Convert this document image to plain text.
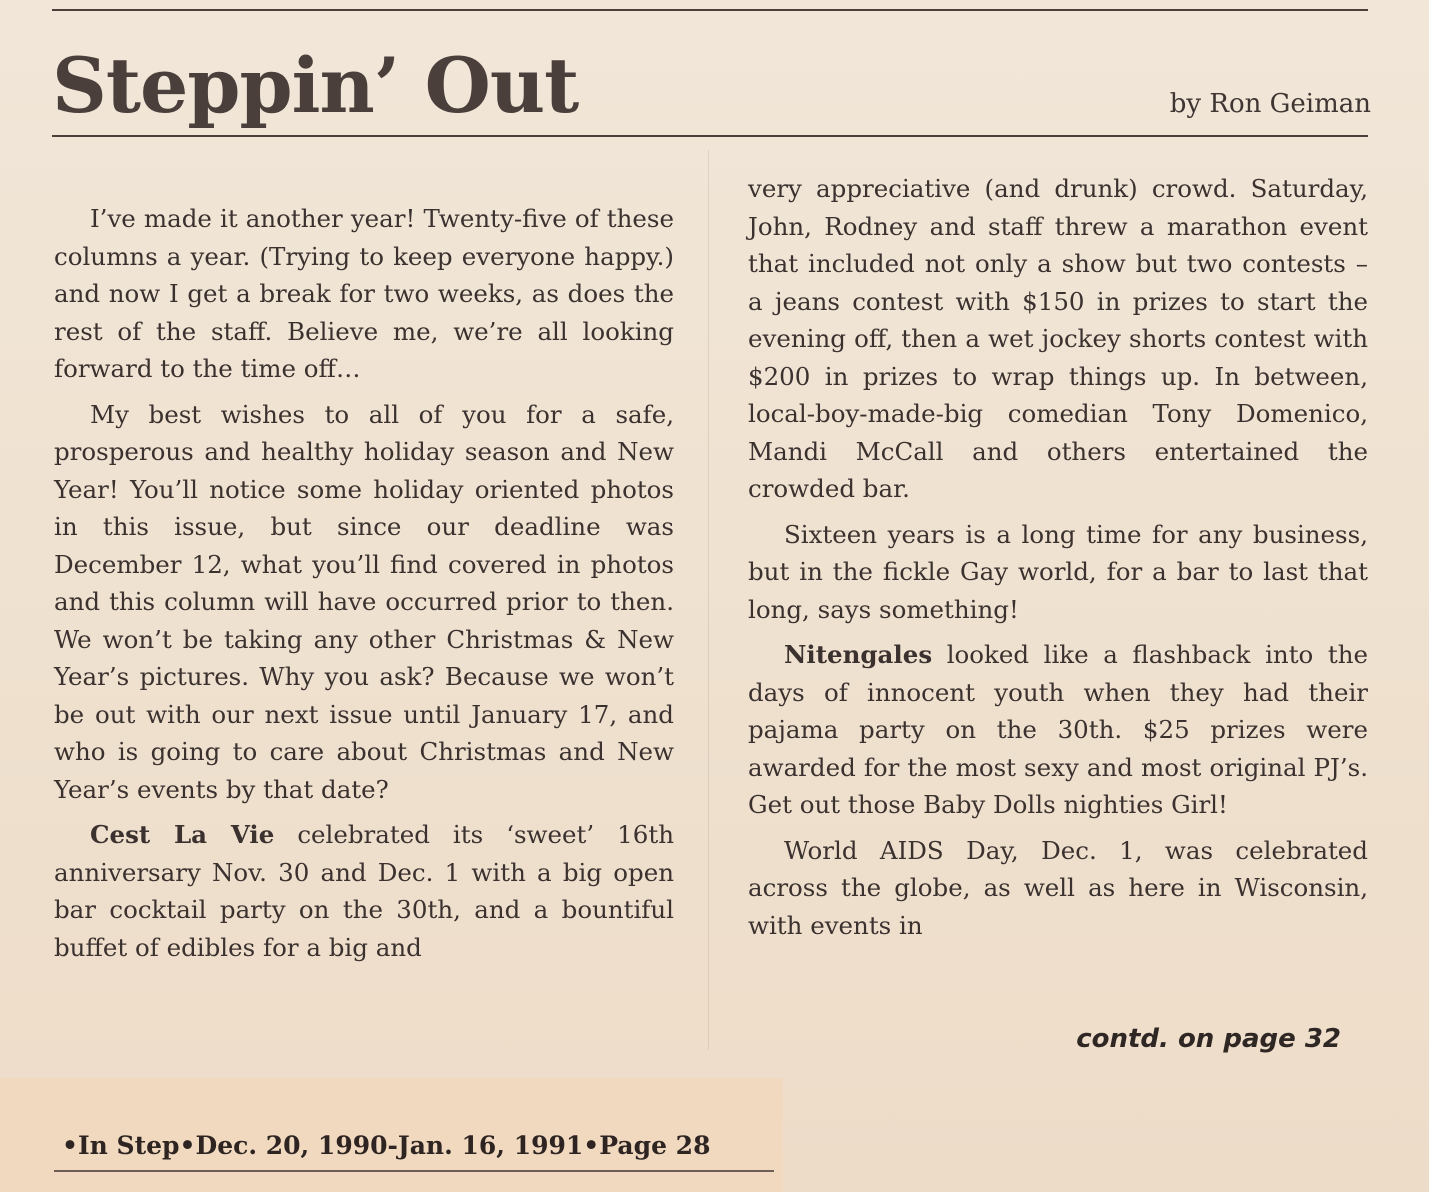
Steppin’ Out	by Ron Geiman

I’ve made it another year! Twenty-five of these columns a year. (Trying to keep everyone happy.) and now I get a break for two weeks, as does the rest of the staff. Believe me, we’re all looking forward to the time off…

My best wishes to all of you for a safe, prosperous and healthy holiday season and New Year! You’ll notice some holiday oriented photos in this issue, but since our deadline was December 12, what you’ll find covered in photos and this column will have occurred prior to then. We won’t be taking any other Christmas & New Year’s pictures. Why you ask? Because we won’t be out with our next issue until January 17, and who is going to care about Christmas and New Year’s events by that date?

Cest La Vie celebrated its ‘sweet’ 16th anniversary Nov. 30 and Dec. 1 with a big open bar cocktail party on the 30th, and a bountiful buffet of edibles for a big and

very appreciative (and drunk) crowd. Saturday, John, Rodney and staff threw a marathon event that included not only a show but two contests – a jeans contest with $150 in prizes to start the evening off, then a wet jockey shorts contest with $200 in prizes to wrap things up. In between, local-boy-made-big comedian Tony Domenico, Mandi McCall and others entertained the crowded bar.

Sixteen years is a long time for any business, but in the fickle Gay world, for a bar to last that long, says something!

Nitengales looked like a flashback into the days of innocent youth when they had their pajama party on the 30th. $25 prizes were awarded for the most sexy and most original PJ’s. Get out those Baby Dolls nighties Girl!

World AIDS Day, Dec. 1, was celebrated across the globe, as well as here in Wisconsin, with events in

contd. on page 32
•In Step•Dec. 20, 1990-Jan. 16, 1991•Page 28
